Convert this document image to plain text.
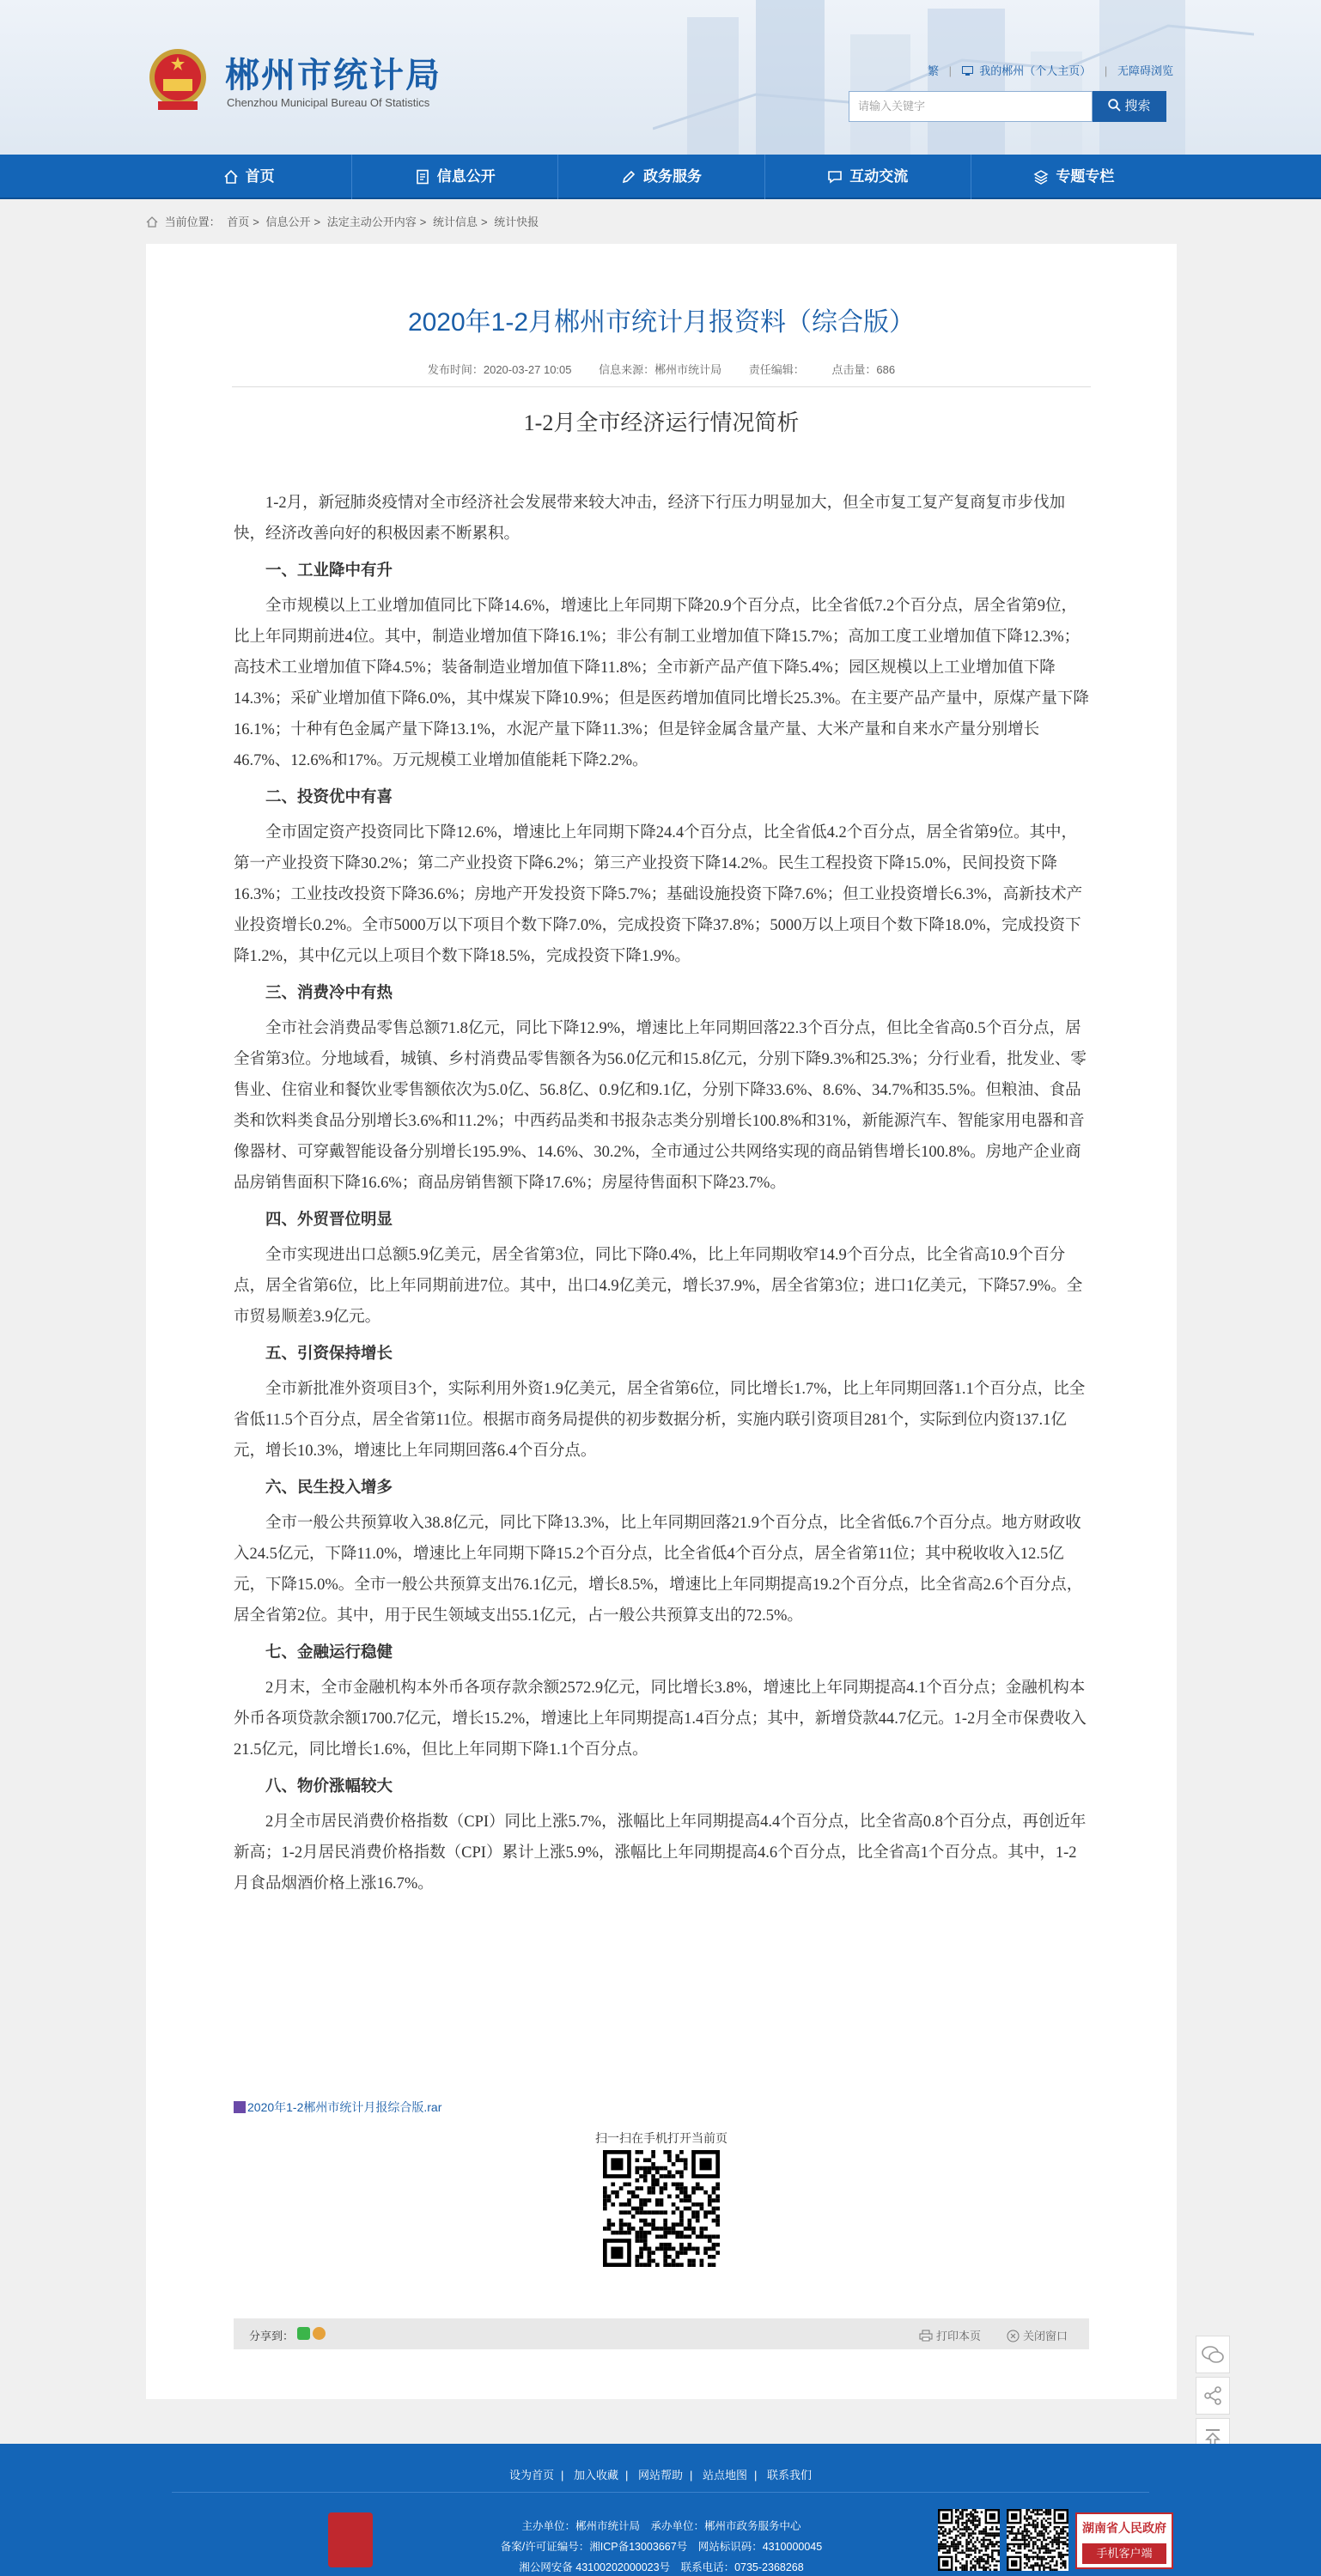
郴州市统计局
Chenzhou Municipal Bureau Of Statistics
繁 | 我的郴州（个人主页） | 无障碍浏览
请输入关键字	搜索
首页	信息公开	政务服务	互动交流	专题专栏
当前位置： 首页 > 信息公开 > 法定主动公开内容 > 统计信息 > 统计快报
2020年1-2月郴州市统计月报资料（综合版）
发布时间：2020-03-27 10:05 信息来源：郴州市统计局 责任编辑： 点击量：686
1-2月全市经济运行情况简析

1-2月，新冠肺炎疫情对全市经济社会发展带来较大冲击，经济下行压力明显加大，但全市复工复产复商复市步伐加快，经济改善向好的积极因素不断累积。

一、工业降中有升

全市规模以上工业增加值同比下降14.6%，增速比上年同期下降20.9个百分点，比全省低7.2个百分点，居全省第9位，比上年同期前进4位。其中，制造业增加值下降16.1%；非公有制工业增加值下降15.7%；高加工度工业增加值下降12.3%；高技术工业增加值下降4.5%；装备制造业增加值下降11.8%；全市新产品产值下降5.4%；园区规模以上工业增加值下降14.3%；采矿业增加值下降6.0%，其中煤炭下降10.9%；但是医药增加值同比增长25.3%。在主要产品产量中，原煤产量下降16.1%；十种有色金属产量下降13.1%，水泥产量下降11.3%；但是锌金属含量产量、大米产量和自来水产量分别增长46.7%、12.6%和17%。万元规模工业增加值能耗下降2.2%。

二、投资优中有喜

全市固定资产投资同比下降12.6%，增速比上年同期下降24.4个百分点，比全省低4.2个百分点，居全省第9位。其中，第一产业投资下降30.2%；第二产业投资下降6.2%；第三产业投资下降14.2%。民生工程投资下降15.0%，民间投资下降16.3%；工业技改投资下降36.6%；房地产开发投资下降5.7%；基础设施投资下降7.6%；但工业投资增长6.3%，高新技术产业投资增长0.2%。全市5000万以下项目个数下降7.0%，完成投资下降37.8%；5000万以上项目个数下降18.0%，完成投资下降1.2%，其中亿元以上项目个数下降18.5%，完成投资下降1.9%。

三、消费冷中有热

全市社会消费品零售总额71.8亿元，同比下降12.9%，增速比上年同期回落22.3个百分点，但比全省高0.5个百分点，居全省第3位。分地域看，城镇、乡村消费品零售额各为56.0亿元和15.8亿元，分别下降9.3%和25.3%；分行业看，批发业、零售业、住宿业和餐饮业零售额依次为5.0亿、56.8亿、0.9亿和9.1亿，分别下降33.6%、8.6%、34.7%和35.5%。但粮油、食品类和饮料类食品分别增长3.6%和11.2%；中西药品类和书报杂志类分别增长100.8%和31%，新能源汽车、智能家用电器和音像器材、可穿戴智能设备分别增长195.9%、14.6%、30.2%，全市通过公共网络实现的商品销售增长100.8%。房地产企业商品房销售面积下降16.6%；商品房销售额下降17.6%；房屋待售面积下降23.7%。

四、外贸晋位明显

全市实现进出口总额5.9亿美元，居全省第3位，同比下降0.4%，比上年同期收窄14.9个百分点，比全省高10.9个百分点，居全省第6位，比上年同期前进7位。其中，出口4.9亿美元，增长37.9%，居全省第3位；进口1亿美元，下降57.9%。全市贸易顺差3.9亿元。

五、引资保持增长

全市新批准外资项目3个，实际利用外资1.9亿美元，居全省第6位，同比增长1.7%，比上年同期回落1.1个百分点，比全省低11.5个百分点，居全省第11位。根据市商务局提供的初步数据分析，实施内联引资项目281个，实际到位内资137.1亿元，增长10.3%，增速比上年同期回落6.4个百分点。

六、民生投入增多

全市一般公共预算收入38.8亿元，同比下降13.3%，比上年同期回落21.9个百分点，比全省低6.7个百分点。地方财政收入24.5亿元，下降11.0%，增速比上年同期下降15.2个百分点，比全省低4个百分点，居全省第11位；其中税收收入12.5亿元，下降15.0%。全市一般公共预算支出76.1亿元，增长8.5%，增速比上年同期提高19.2个百分点，比全省高2.6个百分点，居全省第2位。其中，用于民生领域支出55.1亿元，占一般公共预算支出的72.5%。

七、金融运行稳健

2月末，全市金融机构本外币各项存款余额2572.9亿元，同比增长3.8%，增速比上年同期提高4.1个百分点；金融机构本外币各项贷款余额1700.7亿元，增长15.2%，增速比上年同期提高1.4百分点；其中，新增贷款44.7亿元。1-2月全市保费收入21.5亿元，同比增长1.6%，但比上年同期下降1.1个百分点。

八、物价涨幅较大

2月全市居民消费价格指数（CPI）同比上涨5.7%，涨幅比上年同期提高4.4个百分点，比全省高0.8个百分点，再创近年新高；1-2月居民消费价格指数（CPI）累计上涨5.9%，涨幅比上年同期提高4.6个百分点，比全省高1个百分点。其中，1-2月食品烟酒价格上涨16.7%。

2020年1-2郴州市统计月报综合版.rar
扫一扫在手机打开当前页
分享到：	打印本页	关闭窗口
设为首页 | 加入收藏 | 网站帮助 | 站点地图 | 联系我们
主办单位：郴州市统计局　承办单位：郴州市政务服务中心
备案/许可证编号：湘ICP备13003667号　网站标识码：4310000045
湘公网安备 43100202000023号　联系电话：0735-2368268
湖南省人民政府
手机客户端
